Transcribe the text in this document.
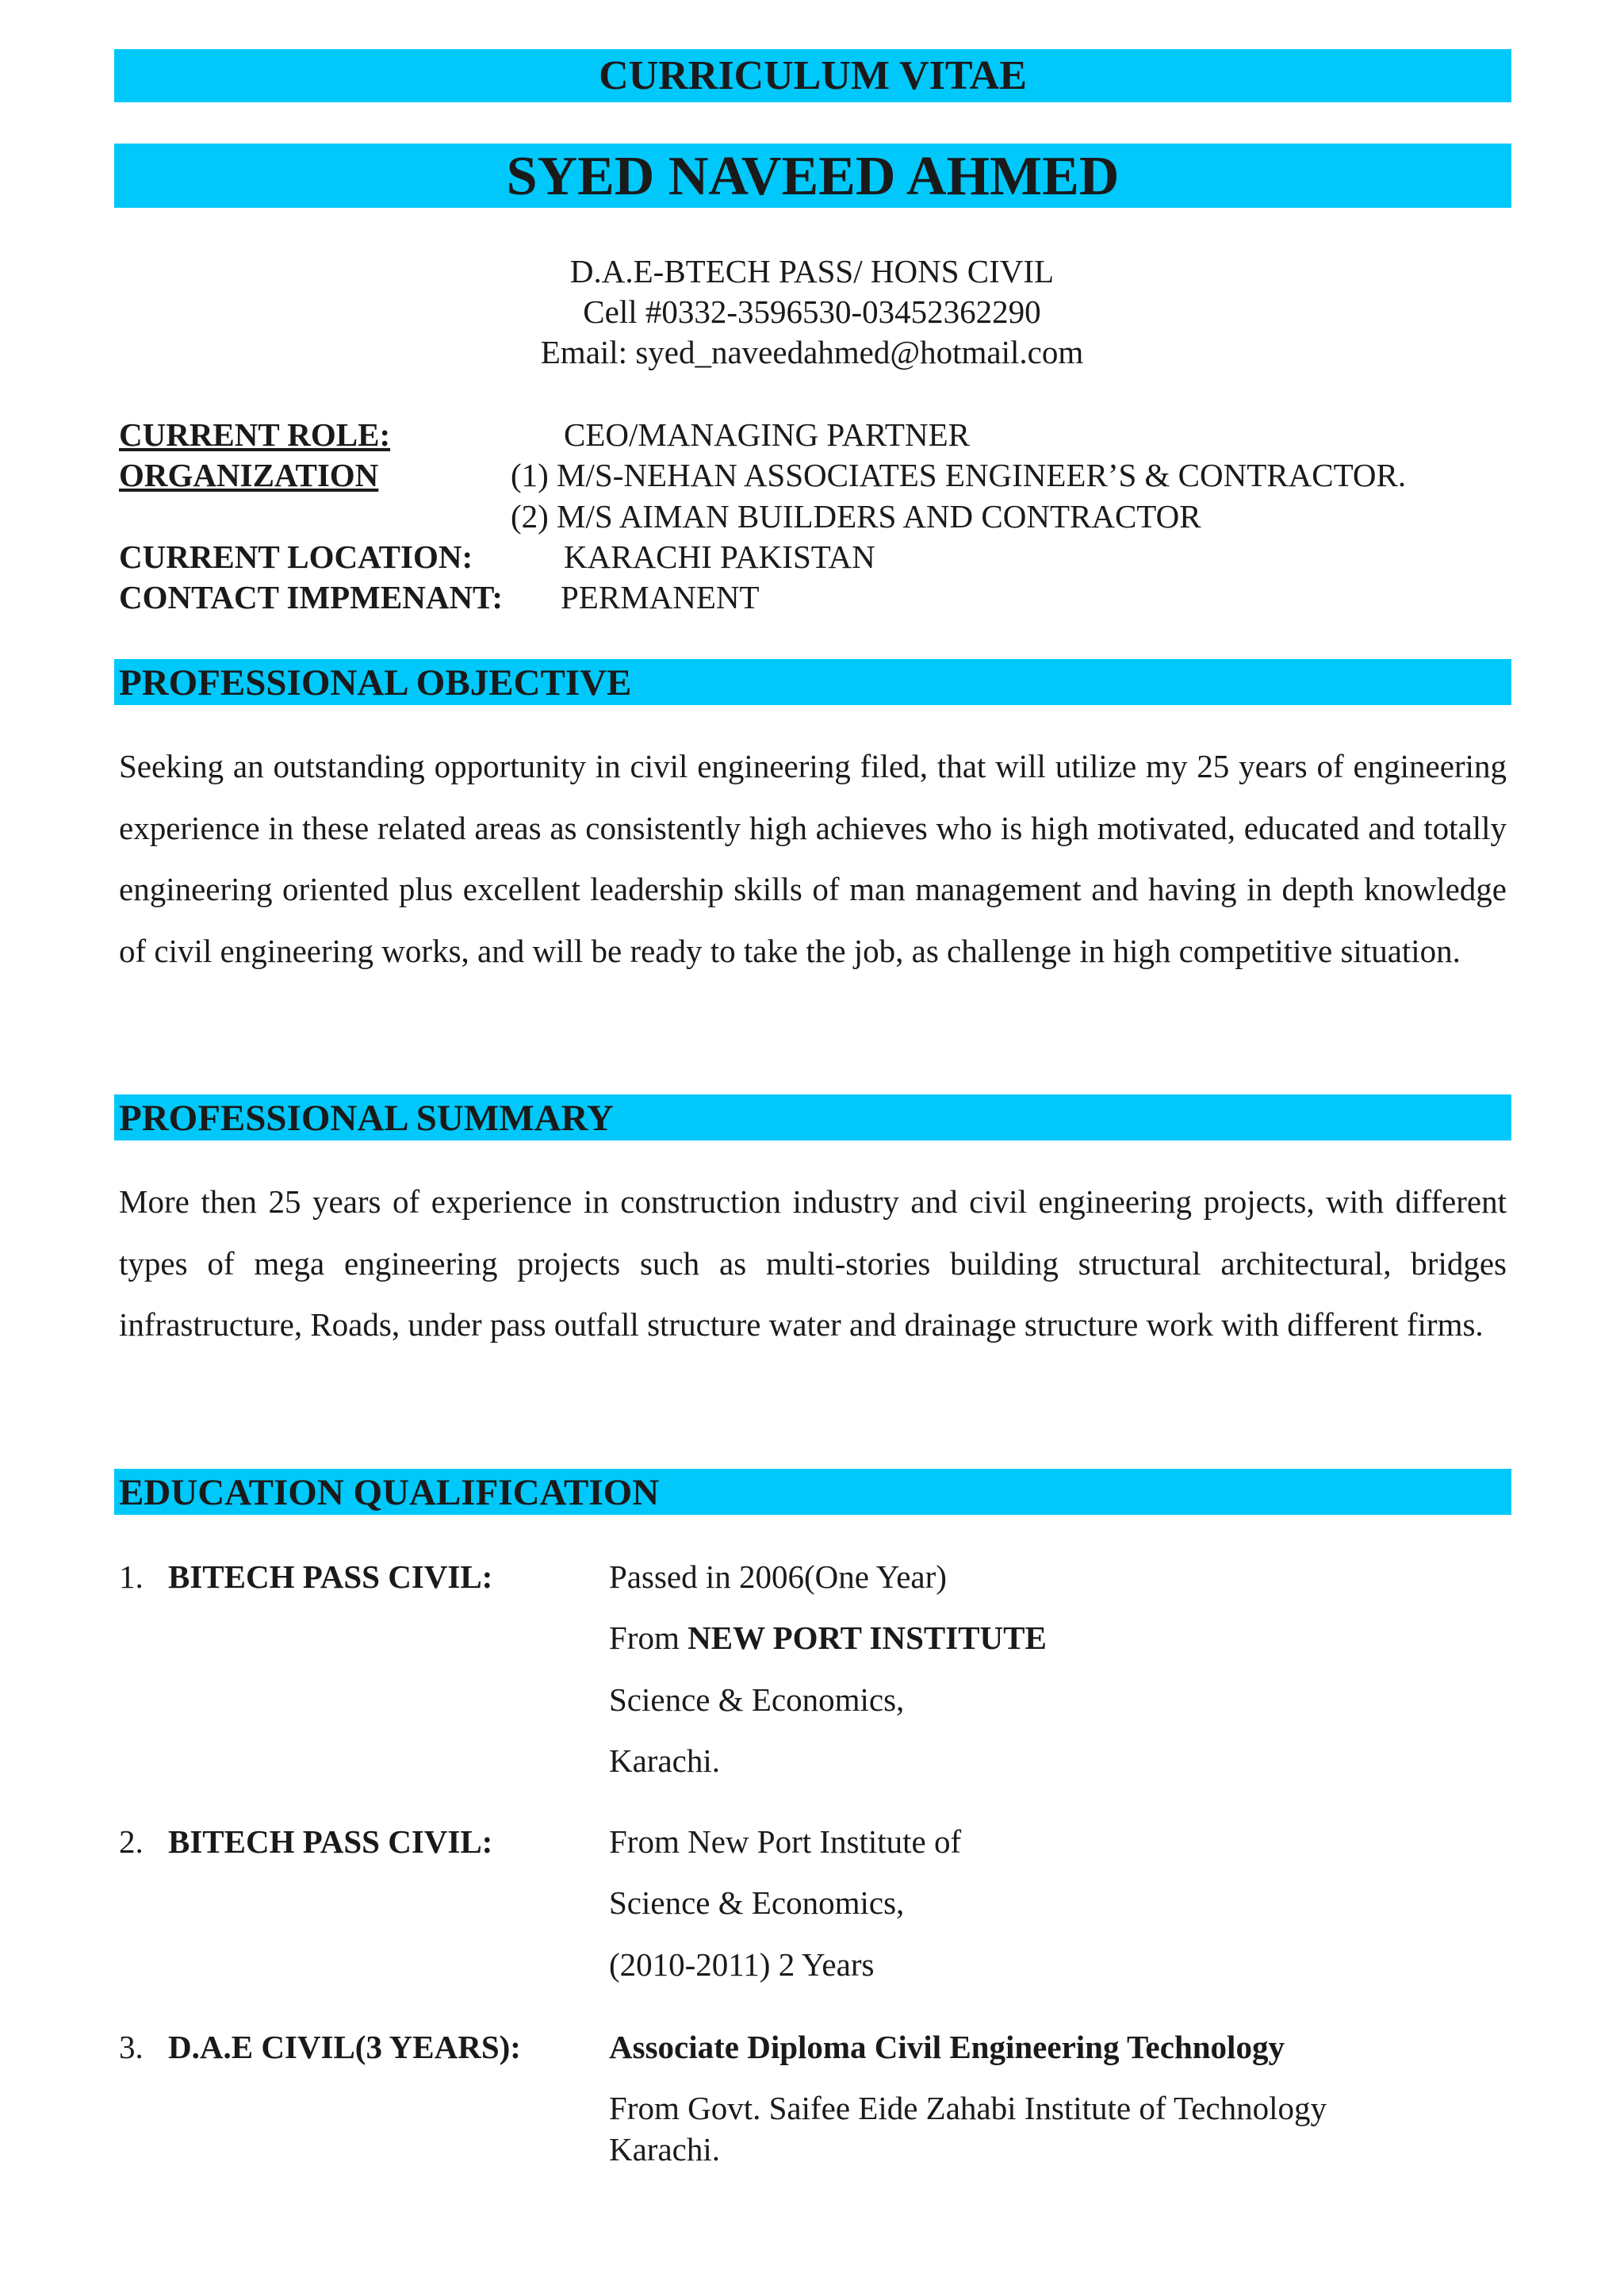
CURRICULUM VITAE
SYED NAVEED AHMED
D.A.E-BTECH PASS/ HONS CIVIL
Cell #0332-3596530-03452362290
Email: syed_naveedahmed@hotmail.com
CURRENT ROLE:	CEO/MANAGING PARTNER
ORGANIZATION	(1) M/S-NEHAN ASSOCIATES ENGINEER’S & CONTRACTOR.
(2) M/S AIMAN BUILDERS AND CONTRACTOR
CURRENT LOCATION:	KARACHI PAKISTAN
CONTACT IMPMENANT: PERMANENT
PROFESSIONAL OBJECTIVE
Seeking an outstanding opportunity in civil engineering filed, that will utilize my 25 years of engineering experience in these related areas as consistently high achieves who is high motivated, educated and totally engineering oriented plus excellent leadership skills of man management and having in depth knowledge of civil engineering works, and will be ready to take the job, as challenge in high competitive situation.
PROFESSIONAL SUMMARY
More then 25 years of experience in construction industry and civil engineering projects, with different types of mega engineering projects such as multi-stories building structural architectural, bridges infrastructure, Roads, under pass outfall structure water and drainage structure work with different firms.
EDUCATION QUALIFICATION
1. BITECH PASS CIVIL:	Passed in 2006(One Year)
From NEW PORT INSTITUTE
Science & Economics,
Karachi.
2. BITECH PASS CIVIL:	From New Port Institute of
Science & Economics,
(2010-2011) 2 Years
3. D.A.E CIVIL(3 YEARS):	Associate Diploma Civil Engineering Technology
From Govt. Saifee Eide Zahabi Institute of Technology
Karachi.
